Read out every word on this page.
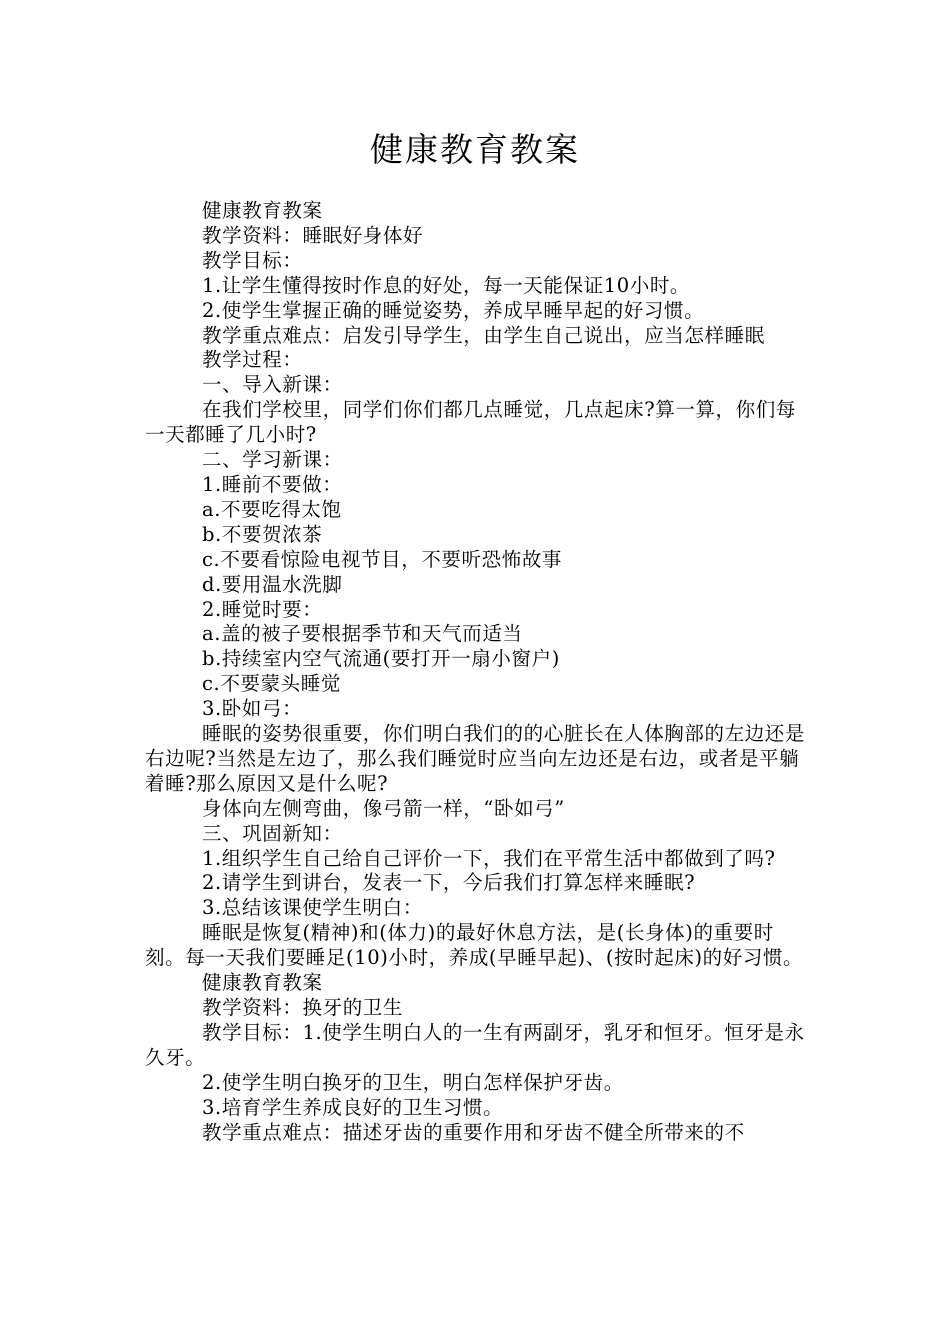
健康教育教案

健康教育教案

教学资料：睡眠好身体好

教学目标：

1.让学生懂得按时作息的好处，每一天能保证10小时。

2.使学生掌握正确的睡觉姿势，养成早睡早起的好习惯。

教学重点难点：启发引导学生，由学生自己说出，应当怎样睡眠

教学过程：

一、导入新课：

在我们学校里，同学们你们都几点睡觉，几点起床?算一算，你们每一天都睡了几小时?

二、学习新课：

1.睡前不要做：

a.不要吃得太饱

b.不要贺浓茶

c.不要看惊险电视节目，不要听恐怖故事

d.要用温水洗脚

2.睡觉时要：

a.盖的被子要根据季节和天气而适当

b.持续室内空气流通(要打开一扇小窗户)

c.不要蒙头睡觉

3.卧如弓：

睡眠的姿势很重要，你们明白我们的的心脏长在人体胸部的左边还是右边呢?当然是左边了，那么我们睡觉时应当向左边还是右边，或者是平躺着睡?那么原因又是什么呢?

身体向左侧弯曲，像弓箭一样，“卧如弓”

三、巩固新知：

1.组织学生自己给自己评价一下，我们在平常生活中都做到了吗?

2.请学生到讲台，发表一下，今后我们打算怎样来睡眠?

3.总结该课使学生明白：

睡眠是恢复(精神)和(体力)的最好休息方法，是(长身体)的重要时刻。每一天我们要睡足(10)小时，养成(早睡早起)、(按时起床)的好习惯。

健康教育教案

教学资料：换牙的卫生

教学目标：1.使学生明白人的一生有两副牙，乳牙和恒牙。恒牙是永久牙。

2.使学生明白换牙的卫生，明白怎样保护牙齿。

3.培育学生养成良好的卫生习惯。

教学重点难点：描述牙齿的重要作用和牙齿不健全所带来的不
